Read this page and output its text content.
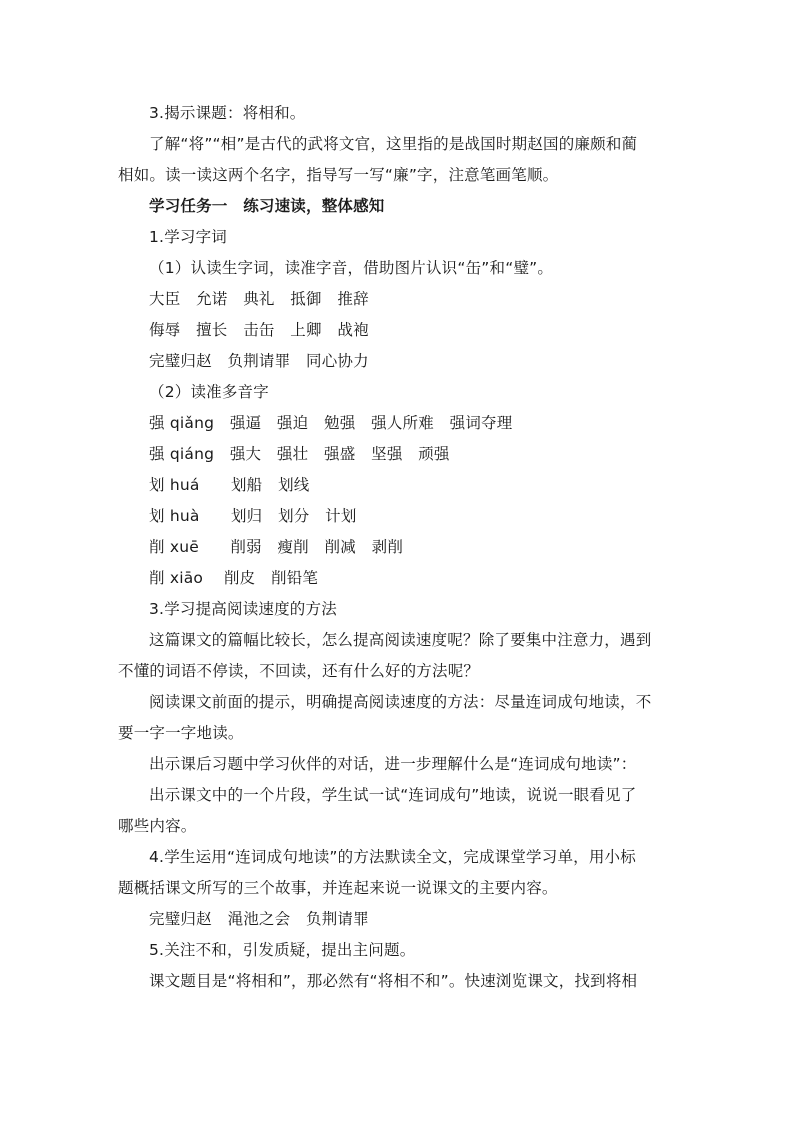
3.揭示课题：将相和。
了解“将”“相”是古代的武将文官，这里指的是战国时期赵国的廉颇和蔺
相如。读一读这两个名字，指导写一写“廉”字，注意笔画笔顺。
学习任务一　练习速读，整体感知
1.学习字词
（1）认读生字词，读准字音，借助图片认识“缶”和“璧”。
大臣　允诺　典礼　抵御　推辞
侮辱　擅长　击缶　上卿　战袍
完璧归赵　负荆请罪　同心协力
（2）读准多音字
强 qiǎng　强逼　强迫　勉强　强人所难　强词夺理
强 qiáng　强大　强壮　强盛　坚强　顽强
划 huá　　划船　划线
划 huà　　划归　划分　计划
削 xuē　　削弱　瘦削　削减　剥削
削 xiāo　 削皮　削铅笔
3.学习提高阅读速度的方法
这篇课文的篇幅比较长，怎么提高阅读速度呢？除了要集中注意力，遇到
不懂的词语不停读，不回读，还有什么好的方法呢？
阅读课文前面的提示，明确提高阅读速度的方法：尽量连词成句地读，不
要一字一字地读。
出示课后习题中学习伙伴的对话，进一步理解什么是“连词成句地读”：
出示课文中的一个片段，学生试一试“连词成句”地读，说说一眼看见了
哪些内容。
4.学生运用“连词成句地读”的方法默读全文，完成课堂学习单，用小标
题概括课文所写的三个故事，并连起来说一说课文的主要内容。
完璧归赵　渑池之会　负荆请罪
5.关注不和，引发质疑，提出主问题。
课文题目是“将相和”，那必然有“将相不和”。快速浏览课文，找到将相
